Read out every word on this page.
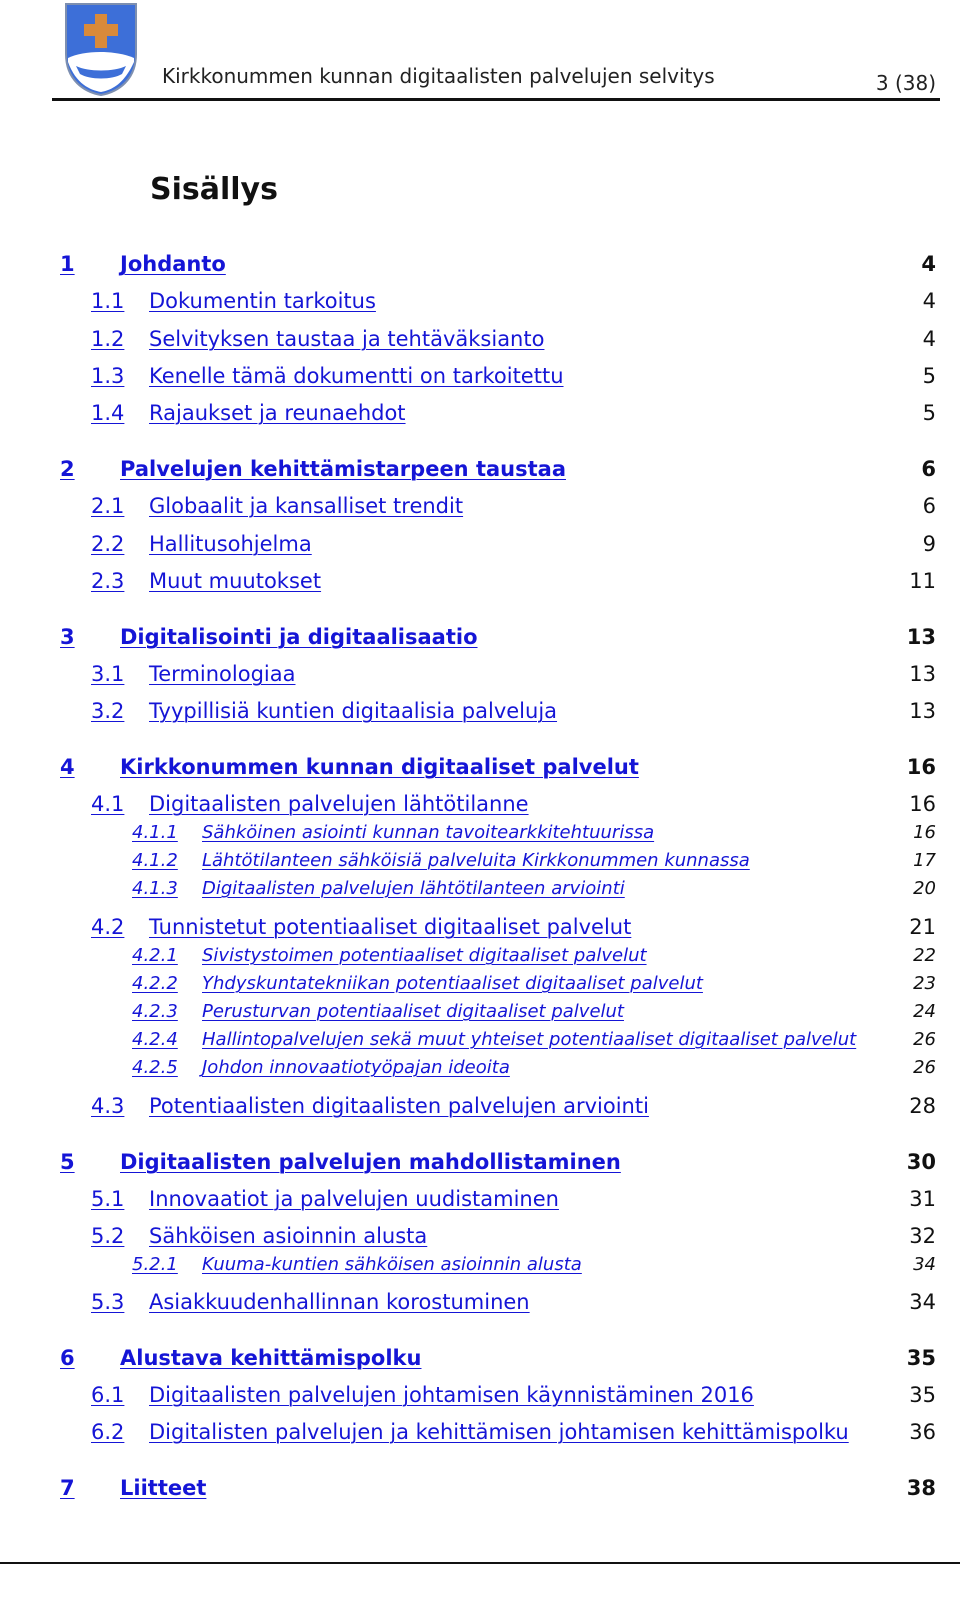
Kirkkonummen kunnan digitaalisten palvelujen selvitys	3 (38)
Sisällys
1 Johdanto	4
1.1 Dokumentin tarkoitus	4
1.2 Selvityksen taustaa ja tehtäväksianto	4
1.3 Kenelle tämä dokumentti on tarkoitettu	5
1.4 Rajaukset ja reunaehdot	5
2 Palvelujen kehittämistarpeen taustaa	6
2.1 Globaalit ja kansalliset trendit	6
2.2 Hallitusohjelma	9
2.3 Muut muutokset	11
3 Digitalisointi ja digitaalisaatio	13
3.1 Terminologiaa	13
3.2 Tyypillisiä kuntien digitaalisia palveluja	13
4 Kirkkonummen kunnan digitaaliset palvelut	16
4.1 Digitaalisten palvelujen lähtötilanne	16
4.1.1 Sähköinen asiointi kunnan tavoitearkkitehtuurissa	16
4.1.2 Lähtötilanteen sähköisiä palveluita Kirkkonummen kunnassa	17
4.1.3 Digitaalisten palvelujen lähtötilanteen arviointi	20
4.2 Tunnistetut potentiaaliset digitaaliset palvelut	21
4.2.1 Sivistystoimen potentiaaliset digitaaliset palvelut	22
4.2.2 Yhdyskuntatekniikan potentiaaliset digitaaliset palvelut	23
4.2.3 Perusturvan potentiaaliset digitaaliset palvelut	24
4.2.4 Hallintopalvelujen sekä muut yhteiset potentiaaliset digitaaliset palvelut	26
4.2.5 Johdon innovaatiotyöpajan ideoita	26
4.3 Potentiaalisten digitaalisten palvelujen arviointi	28
5 Digitaalisten palvelujen mahdollistaminen	30
5.1 Innovaatiot ja palvelujen uudistaminen	31
5.2 Sähköisen asioinnin alusta	32
5.2.1 Kuuma-kuntien sähköisen asioinnin alusta	34
5.3 Asiakkuudenhallinnan korostuminen	34
6 Alustava kehittämispolku	35
6.1 Digitaalisten palvelujen johtamisen käynnistäminen 2016	35
6.2 Digitalisten palvelujen ja kehittämisen johtamisen kehittämispolku	36
7 Liitteet	38
